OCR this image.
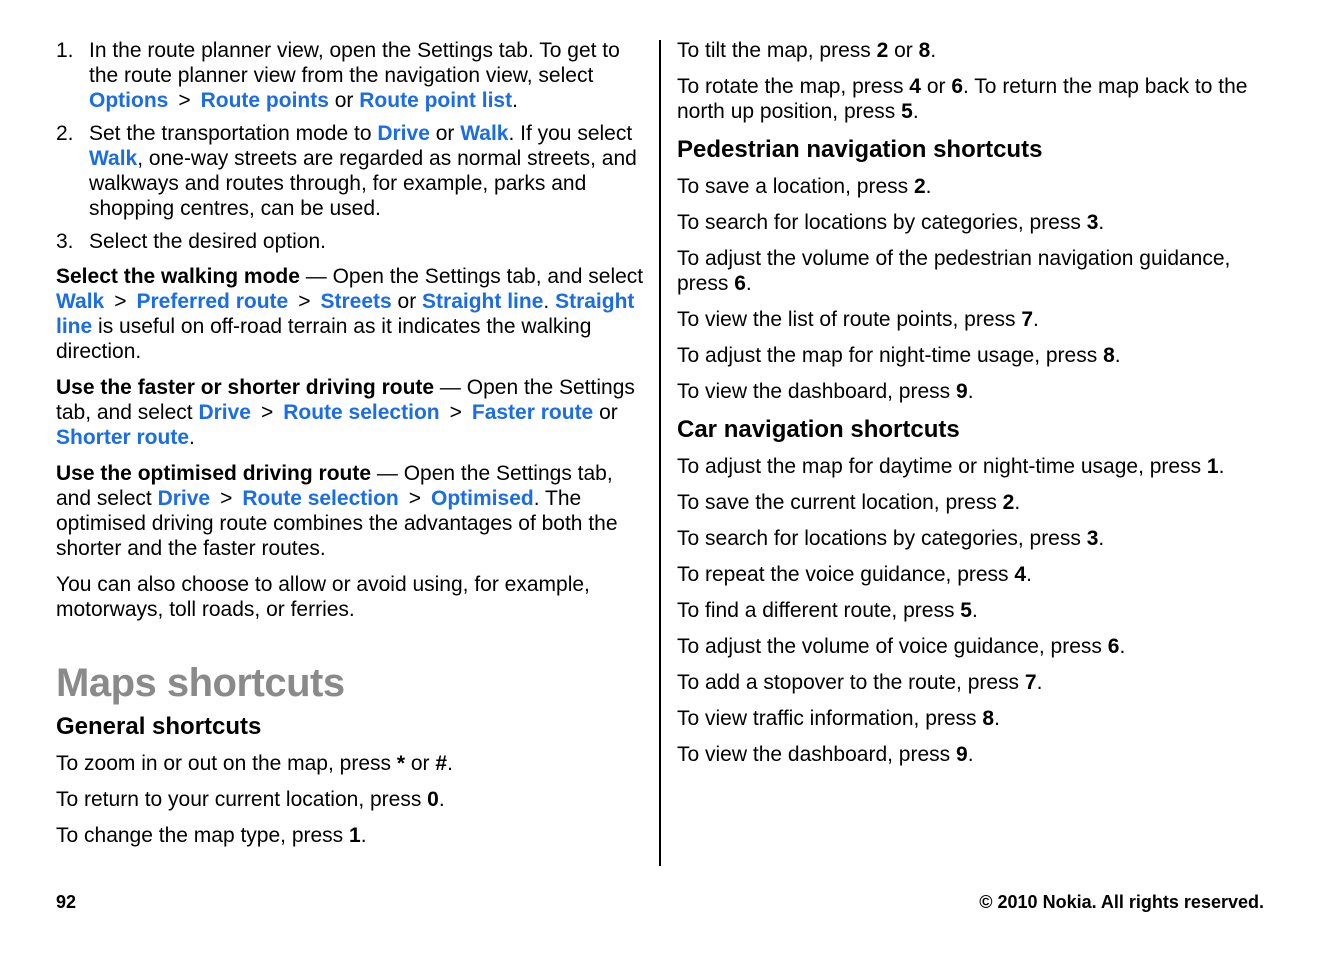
1. In the route planner view, open the Settings tab. To get to the route planner view from the navigation view, select Options > Route points or Route point list.
2. Set the transportation mode to Drive or Walk. If you select Walk, one-way streets are regarded as normal streets, and walkways and routes through, for example, parks and shopping centres, can be used.
3. Select the desired option.

Select the walking mode — Open the Settings tab, and select Walk > Preferred route > Streets or Straight line. Straight line is useful on off-road terrain as it indicates the walking direction.

Use the faster or shorter driving route — Open the Settings tab, and select Drive > Route selection > Faster route or Shorter route.

Use the optimised driving route — Open the Settings tab, and select Drive > Route selection > Optimised. The optimised driving route combines the advantages of both the shorter and the faster routes.

You can also choose to allow or avoid using, for example, motorways, toll roads, or ferries.

Maps shortcuts
General shortcuts

To zoom in or out on the map, press * or #.

To return to your current location, press 0.

To change the map type, press 1.

To tilt the map, press 2 or 8.

To rotate the map, press 4 or 6. To return the map back to the north up position, press 5.

Pedestrian navigation shortcuts

To save a location, press 2.

To search for locations by categories, press 3.

To adjust the volume of the pedestrian navigation guidance, press 6.

To view the list of route points, press 7.

To adjust the map for night-time usage, press 8.

To view the dashboard, press 9.

Car navigation shortcuts

To adjust the map for daytime or night-time usage, press 1.

To save the current location, press 2.

To search for locations by categories, press 3.

To repeat the voice guidance, press 4.

To find a different route, press 5.

To adjust the volume of voice guidance, press 6.

To add a stopover to the route, press 7.

To view traffic information, press 8.

To view the dashboard, press 9.

92	© 2010 Nokia. All rights reserved.
